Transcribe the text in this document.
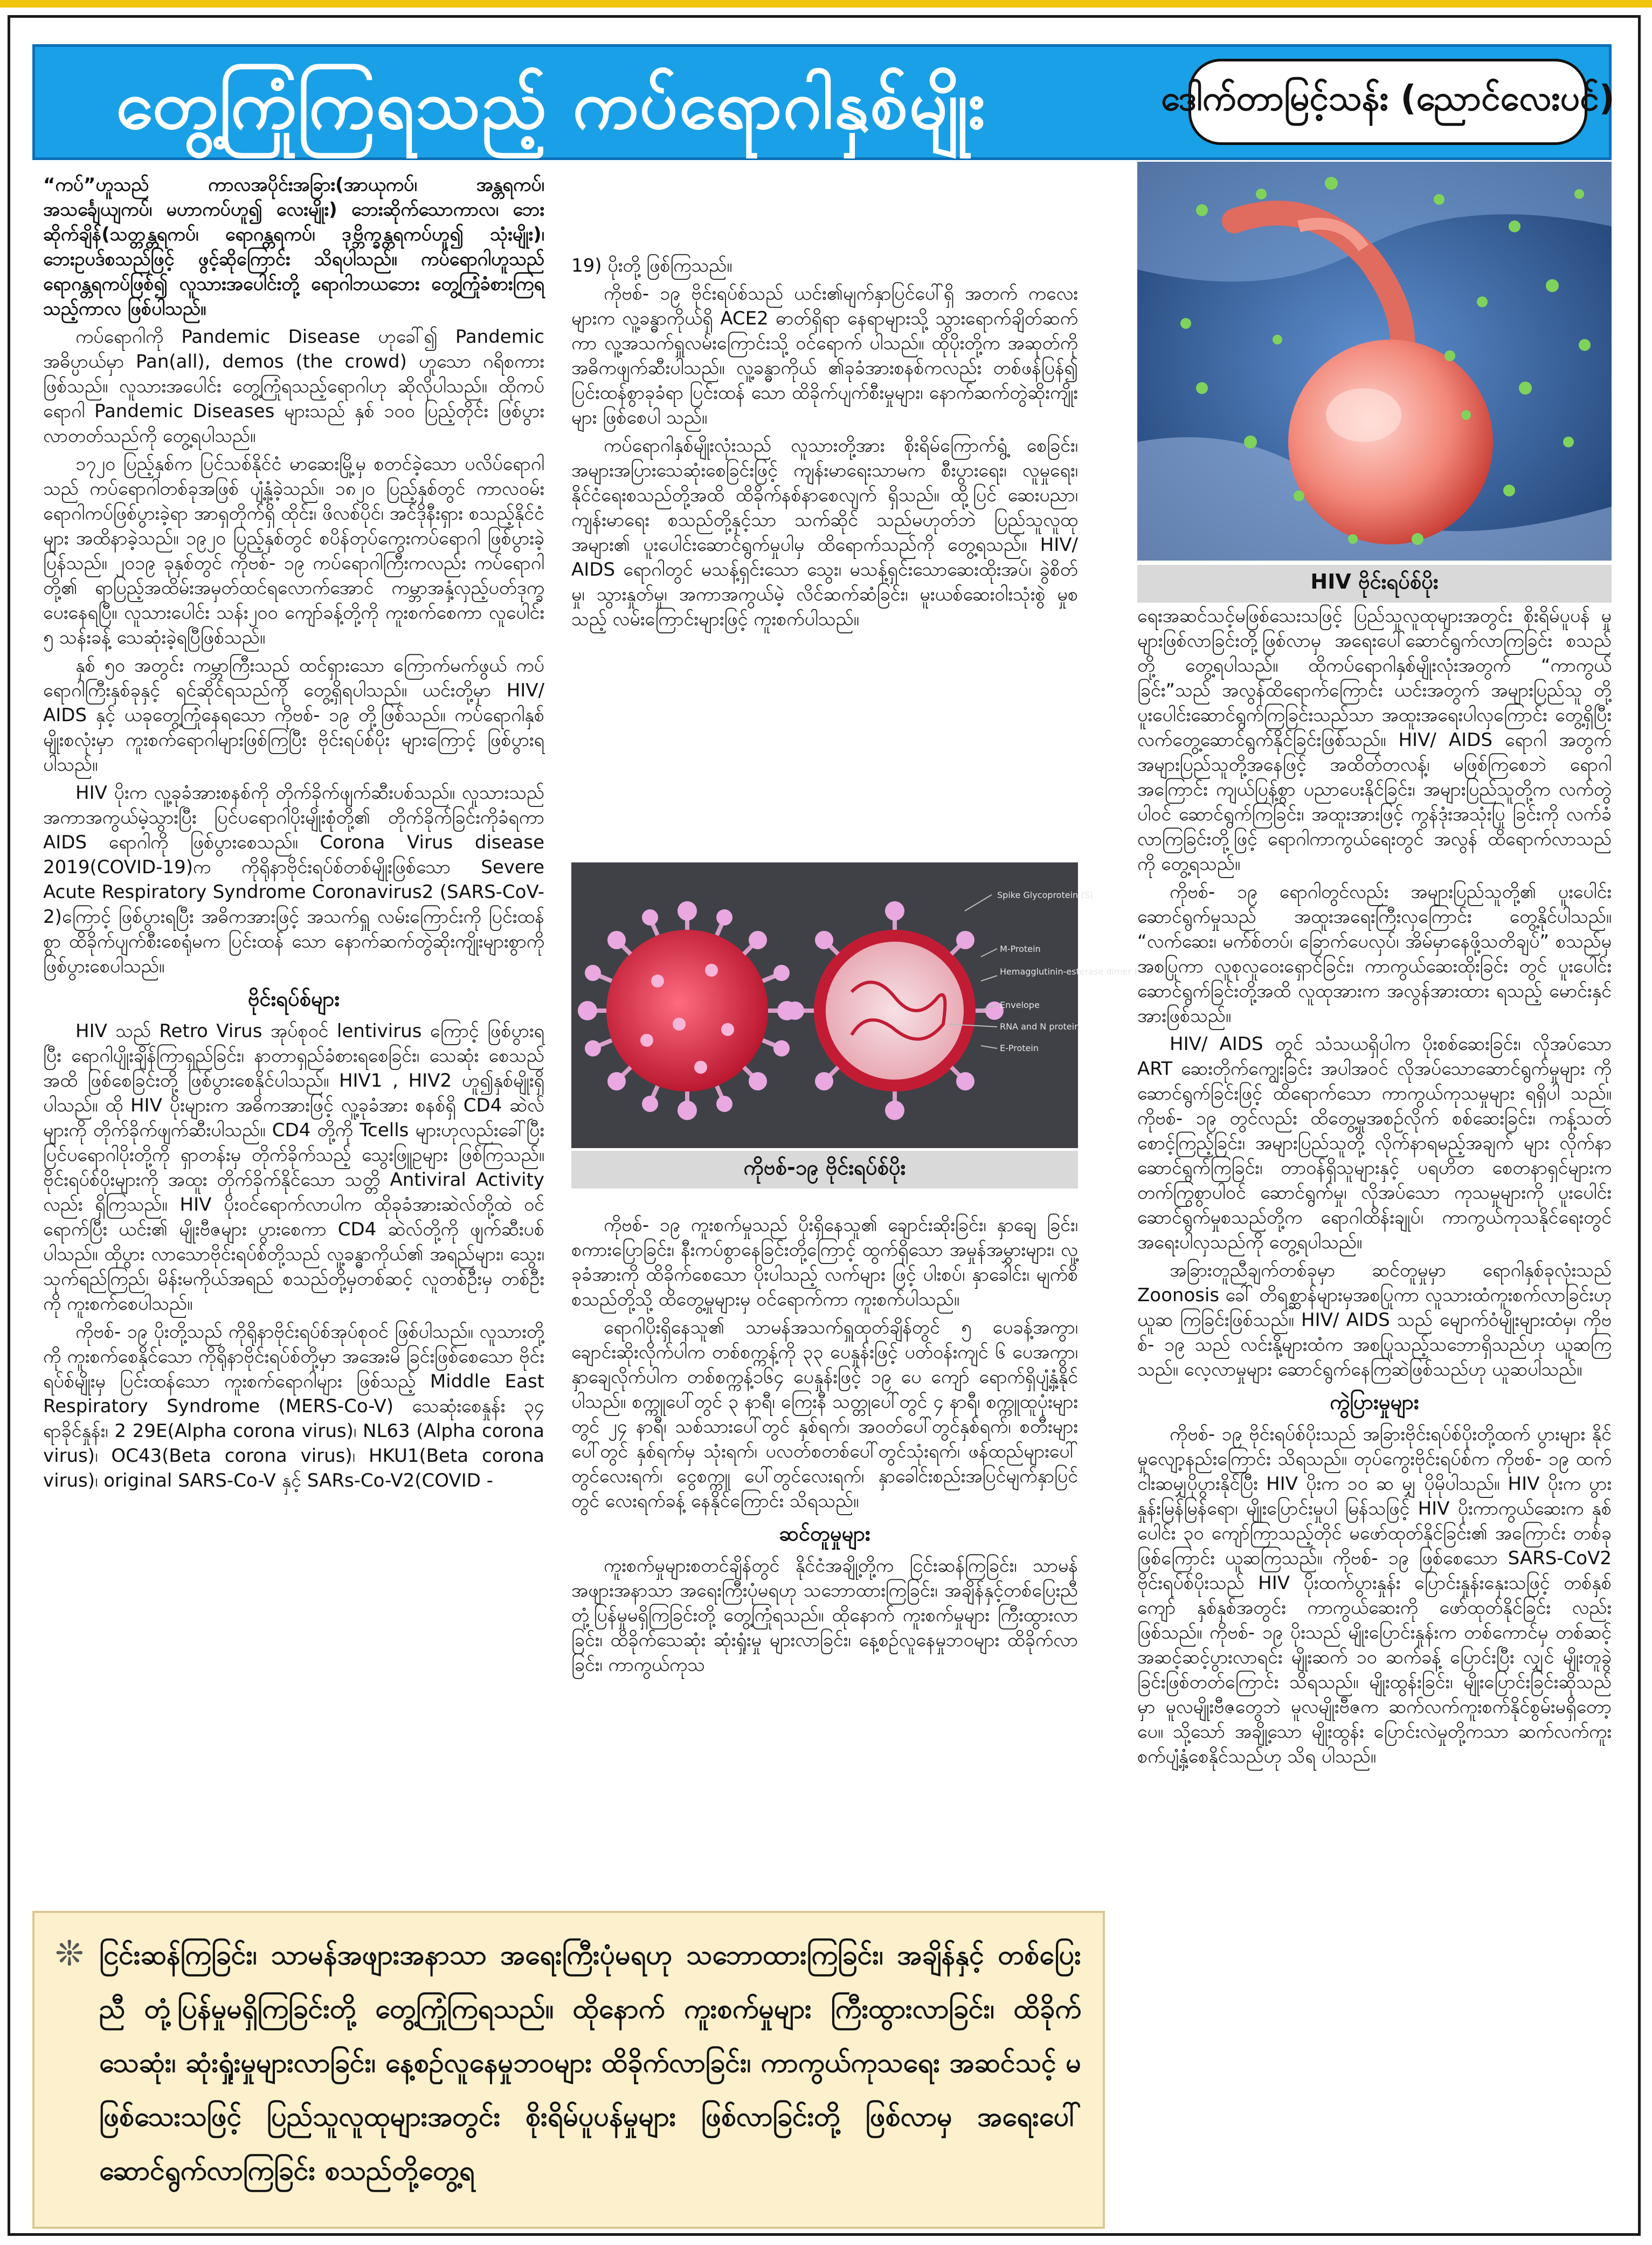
တွေ့ကြုံကြရသည့် ကပ်ရောဂါနှစ်မျိုး	ဒေါက်တာမြင့်သန်း (ညောင်လေးပင်)

“ကပ်”ဟူသည် ကာလအပိုင်းအခြား(အာယုကပ်၊ အန္တရကပ်၊ အသင်္ချေယျကပ်၊ မဟာကပ်ဟူ၍ လေးမျိုး) ဘေးဆိုက်သောကာလ၊ ဘေးဆိုက်ချိန်(သတ္တန္တရကပ်၊ ရောဂန္တရကပ်၊ ဒုဗ္ဘိက္ခန္တရကပ်ဟူ၍ သုံးမျိုး)၊ ဘေးဥပဒ်စသည်ဖြင့် ဖွင့်ဆိုကြောင်း သိရပါသည်။ ကပ်ရောဂါဟူသည် ရောဂန္တရကပ်ဖြစ်၍ လူသားအပေါင်းတို့ ရောဂါဘယဘေး တွေ့ကြုံခံစားကြရသည့်ကာလ ဖြစ်ပါသည်။

ကပ်ရောဂါကို Pandemic Disease ဟုခေါ်၍ Pandemic အဓိပ္ပာယ်မှာ Pan(all), demos (the crowd) ဟူသော ဂရိစကား ဖြစ်သည်။ လူသားအပေါင်း တွေ့ကြုံရသည့်ရောဂါဟု ဆိုလိုပါသည်။ ထိုကပ် ရောဂါ Pandemic Diseases များသည် နှစ် ၁၀၀ ပြည့်တိုင်း ဖြစ်ပွား လာတတ်သည်ကို တွေ့ရပါသည်။

၁၇၂၀ ပြည့်နှစ်က ပြင်သစ်နိုင်ငံ မာဆေးမြို့မှ စတင်ခဲ့သော ပလိပ်ရောဂါသည် ကပ်ရောဂါတစ်ခုအဖြစ် ပျံ့နှံ့ခဲ့သည်။ ၁၈၂၀ ပြည့်နှစ်တွင် ကာလဝမ်းရောဂါကပ်ဖြစ်ပွားခဲ့ရာ အာရှတိုက်ရှိ ထိုင်း၊ ဖိလစ်ပိုင်၊ အင်ဒိုနီးရှား စသည့်နိုင်ငံများ အထိနာခဲ့သည်။ ၁၉၂၀ ပြည့်နှစ်တွင် စပိန်တုပ်ကွေးကပ်ရောဂါ ဖြစ်ပွားခဲ့ပြန်သည်။ ၂၀၁၉ ခုနှစ်တွင် ကိုဗစ်- ၁၉ ကပ်ရောဂါကြီးကလည်း ကပ်ရောဂါတို့၏ ရာပြည့်အထိမ်းအမှတ်ထင်ရလောက်အောင် ကမ္ဘာအနှံ့လှည့်ပတ်ဒုက္ခ ပေးနေရပြီ။ လူသားပေါင်း သန်း၂၀၀ ကျော်ခန့်တို့ကို ကူးစက်စေကာ လူပေါင်း ၅ သန်းခန့် သေဆုံးခဲ့ရပြီဖြစ်သည်။

နှစ် ၅၀ အတွင်း ကမ္ဘာကြီးသည် ထင်ရှားသော ကြောက်မက်ဖွယ် ကပ်ရောဂါကြီးနှစ်ခုနှင့် ရင်ဆိုင်ရသည်ကို တွေ့ရှိရပါသည်။ ယင်းတို့မှာ HIV/ AIDS နှင့် ယခုတွေ့ကြုံနေရသော ကိုဗစ်- ၁၉ တို့ဖြစ်သည်။ ကပ်ရောဂါနှစ်မျိုးစလုံးမှာ ကူးစက်ရောဂါများဖြစ်ကြပြီး ဗိုင်းရပ်စ်ပိုး များကြောင့် ဖြစ်ပွားရပါသည်။

HIV ပိုးက လူ့ခုခံအားစနစ်ကို တိုက်ခိုက်ဖျက်ဆီးပစ်သည်။ လူသားသည် အကာအကွယ်မဲ့သွားပြီး ပြင်ပရောဂါပိုးမျိုးစုံတို့၏ တိုက်ခိုက်ခြင်းကိုခံရကာ AIDS ရောဂါကို ဖြစ်ပွားစေသည်။ Corona Virus disease 2019(COVID-19)က ကိုရိုနာဗိုင်းရပ်စ်တစ်မျိုးဖြစ်သော Severe Acute Respiratory Syndrome Coronavirus2 (SARS-CoV-2)ကြောင့် ဖြစ်ပွားရပြီး အဓိကအားဖြင့် အသက်ရှူ လမ်းကြောင်းကို ပြင်းထန်စွာ ထိခိုက်ပျက်စီးစေရုံမက ပြင်းထန် သော နောက်ဆက်တွဲဆိုးကျိုးများစွာကို ဖြစ်ပွားစေပါသည်။

ဗိုင်းရပ်စ်များ

HIV သည် Retro Virus အုပ်စုဝင် lentivirus ကြောင့် ဖြစ်ပွားရပြီး ရောဂါပျိုးချိန်ကြာရှည်ခြင်း၊ နာတာရှည်ခံစားရစေခြင်း၊ သေဆုံး စေသည်အထိ ဖြစ်စေခြင်းတို့ ဖြစ်ပွားစေနိုင်ပါသည်။ HIV1 , HIV2 ဟူ၍နှစ်မျိုးရှိပါသည်။ ထို HIV ပိုးများက အဓိကအားဖြင့် လူ့ခုခံအား စနစ်ရှိ CD4 ဆဲလ်များကို တိုက်ခိုက်ဖျက်ဆီးပါသည်။ CD4 တို့ကို Tcells များဟုလည်းခေါ်ပြီး ပြင်ပရောဂါပိုးတို့ကို ရှာတန်းမှ တိုက်ခိုက်သည့် သွေးဖြူဥများ ဖြစ်ကြသည်။ ဗိုင်းရပ်စ်ပိုးများကို အထူး တိုက်ခိုက်နိုင်သော သတ္တိ Antiviral Activity လည်း ရှိကြသည်။ HIV ပိုးဝင်ရောက်လာပါက ထိုခုခံအားဆဲလ်တို့ထဲ ဝင်ရောက်ပြီး ယင်း၏ မျိုးဗီဇများ ပွားစေကာ CD4 ဆဲလ်တို့ကို ဖျက်ဆီးပစ်ပါသည်။ ထိုပွား လာသောဗိုင်းရပ်စ်တို့သည် လူ့ခန္ဓာကိုယ်၏ အရည်များ၊ သွေး၊ သုက်ရည်ကြည်၊ မိန်းမကိုယ်အရည် စသည်တို့မှတစ်ဆင့် လူတစ်ဦးမှ တစ်ဦးကို ကူးစက်စေပါသည်။

ကိုဗစ်- ၁၉ ပိုးတို့သည် ကိုရိုနာဗိုင်းရပ်စ်အုပ်စုဝင် ဖြစ်ပါသည်။ လူသားတို့ကို ကူးစက်စေနိုင်သော ကိုရိုနာဗိုင်းရပ်စ်တို့မှာ အအေးမိ ခြင်းဖြစ်စေသော ဗိုင်းရပ်စ်မျိုးမှ ပြင်းထန်သော ကူးစက်ရောဂါများ ဖြစ်သည့် Middle East Respiratory Syndrome (MERS-Co-V) သေဆုံးစေနှုန်း ၃၄ ရာခိုင်နှုန်း၊ 2 29E(Alpha corona virus)၊ NL63 (Alpha corona virus)၊ OC43(Beta corona virus)၊ HKU1(Beta corona virus)၊ original SARS-Co-V နှင့် SARs-Co-V2(COVID -

HIV ဗိုင်းရပ်စ်ပိုး

19) ပိုးတို့ ဖြစ်ကြသည်။

ကိုဗစ်- ၁၉ ဗိုင်းရပ်စ်သည် ယင်း၏မျက်နှာပြင်ပေါ်ရှိ အတက် ကလေးများက လူ့ခန္ဓာကိုယ်ရှိ ACE2 ဓာတ်ရှိရာ နေရာများသို့ သွားရောက်ချိတ်ဆက်ကာ လူ့အသက်ရှူလမ်းကြောင်းသို့ ဝင်ရောက် ပါသည်။ ထိုပိုးတို့က အဆုတ်ကို အဓိကဖျက်ဆီးပါသည်။ လူ့ခန္ဓာကိုယ် ၏ခုခံအားစနစ်ကလည်း တစ်ဖန်ပြန်၍ ပြင်းထန်စွာခုခံရာ ပြင်းထန် သော ထိခိုက်ပျက်စီးမှုများ၊ နောက်ဆက်တွဲဆိုးကျိုးများ ဖြစ်စေပါ သည်။

ကပ်ရောဂါနှစ်မျိုးလုံးသည် လူသားတို့အား စိုးရိမ်ကြောက်ရွံ့ စေခြင်း၊ အများအပြားသေဆုံးစေခြင်းဖြင့် ကျန်းမာရေးသာမက စီးပွားရေး၊ လူမှုရေး၊ နိုင်ငံရေးစသည်တို့အထိ ထိခိုက်နစ်နာစေလျက် ရှိသည်။ ထို့ပြင် ဆေးပညာ၊ ကျန်းမာရေး စသည်တို့နှင့်သာ သက်ဆိုင် သည်မဟုတ်ဘဲ ပြည်သူလူထုအများ၏ ပူးပေါင်းဆောင်ရွက်မှုပါမှ ထိရောက်သည်ကို တွေ့ရသည်။ HIV/ AIDS ရောဂါတွင် မသန့်ရှင်းသော သွေး၊ မသန့်ရှင်းသောဆေးထိုးအပ်၊ ခွဲစိတ်မှု၊ သွားနှုတ်မှု၊ အကာအကွယ်မဲ့ လိင်ဆက်ဆံခြင်း၊ မူးယစ်ဆေးဝါးသုံးစွဲ မှုစသည့် လမ်းကြောင်းများဖြင့် ကူးစက်ပါသည်။

Spike Glycoprotein (S)
M-Protein
Hemagglutinin-esterase dimer (HE)
Envelope
RNA and N protein
E-Protein
ကိုဗစ်-၁၉ ဗိုင်းရပ်စ်ပိုး

ကိုဗစ်- ၁၉ ကူးစက်မှုသည် ပိုးရှိနေသူ၏ ချောင်းဆိုးခြင်း၊ နှာချေ ခြင်း၊ စကားပြောခြင်း၊ နီးကပ်စွာနေခြင်းတို့ကြောင့် ထွက်ရှိသော အမှုန်အမွှားများ၊ လူ့ခုခံအားကို ထိခိုက်စေသော ပိုးပါသည့် လက်များ ဖြင့် ပါးစပ်၊ နှာခေါင်း၊ မျက်စိ စသည်တို့သို့ ထိတွေ့မှုများမှ ဝင်ရောက်ကာ ကူးစက်ပါသည်။

ရောဂါပိုးရှိနေသူ၏ သာမန်အသက်ရှူထုတ်ချိန်တွင် ၅ ပေခန့်အကွာ၊ ချောင်းဆိုးလိုက်ပါက တစ်စက္ကန့်ကို ၃၃ ပေနှုန်းဖြင့် ပတ်ဝန်းကျင် ၆ ပေအကွာ၊ နှာချေလိုက်ပါက တစ်စက္ကန့်၁၆၄ ပေနှုန်းဖြင့် ၁၉ ပေ ကျော် ရောက်ရှိပျံ့နှံ့နိုင်ပါသည်။ စက္ကူပေါ်တွင် ၃ နာရီ၊ ကြေးနီ သတ္တုပေါ်တွင် ၄ နာရီ၊ စက္ကူထူပုံးများတွင် ၂၄ နာရီ၊ သစ်သားပေါ်တွင် နှစ်ရက်၊ အဝတ်ပေါ်တွင်နှစ်ရက်၊ စတီးများပေါ်တွင် နှစ်ရက်မှ သုံးရက်၊ ပလတ်စတစ်ပေါ်တွင်သုံးရက်၊ ဖန်ထည်များပေါ်တွင်လေးရက်၊ ငွေစက္ကူ ပေါ်တွင်လေးရက်၊ နှာခေါင်းစည်းအပြင်မျက်နှာပြင်တွင် လေးရက်ခန့် နေနိုင်ကြောင်း သိရသည်။

ဆင်တူမှုများ

ကူးစက်မှုများစတင်ချိန်တွင် နိုင်ငံအချို့တို့က ငြင်းဆန်ကြခြင်း၊ သာမန်အဖျားအနာသာ အရေးကြီးပုံမရဟု သဘောထားကြခြင်း၊ အချိန်နှင့်တစ်ပြေးညီ တုံ့ပြန်မှုမရှိကြခြင်းတို့ တွေ့ကြုံရသည်။ ထိုနောက် ကူးစက်မှုများ ကြီးထွားလာခြင်း၊ ထိခိုက်သေဆုံး ဆုံးရှုံးမှု များလာခြင်း၊ နေ့စဉ်လူနေမှုဘဝများ ထိခိုက်လာခြင်း၊ ကာကွယ်ကုသ

ရေးအဆင်သင့်မဖြစ်သေးသဖြင့် ပြည်သူလူထုများအတွင်း စိုးရိမ်ပူပန် မှုများဖြစ်လာခြင်းတို့ဖြစ်လာမှ အရေးပေါ်ဆောင်ရွက်လာကြခြင်း စသည်တို့ တွေ့ရပါသည်။ ထိုကပ်ရောဂါနှစ်မျိုးလုံးအတွက် “ကာကွယ် ခြင်း”သည် အလွန်ထိရောက်ကြောင်း ယင်းအတွက် အများပြည်သူ တို့ပူးပေါင်းဆောင်ရွက်ကြခြင်းသည်သာ အထူးအရေးပါလှကြောင်း တွေ့ရှိပြီး လက်တွေ့ဆောင်ရွက်နိုင်ခြင်းဖြစ်သည်။ HIV/ AIDS ရောဂါ အတွက် အများပြည်သူတို့အနေဖြင့် အထိတ်တလန့်၊ မဖြစ်ကြစေဘဲ ရောဂါအကြောင်း ကျယ်ပြန့်စွာ ပညာပေးနိုင်ခြင်း၊ အများပြည်သူတို့က လက်တွဲပါဝင် ဆောင်ရွက်ကြခြင်း၊ အထူးအားဖြင့် ကွန်ဒုံးအသုံးပြု ခြင်းကို လက်ခံလာကြခြင်းတို့ဖြင့် ရောဂါကာကွယ်ရေးတွင် အလွန် ထိရောက်လာသည်ကို တွေ့ရသည်။

ကိုဗစ်- ၁၉ ရောဂါတွင်လည်း အများပြည်သူတို့၏ ပူးပေါင်း ဆောင်ရွက်မှုသည် အထူးအရေးကြီးလှကြောင်း တွေ့နိုင်ပါသည်။ “လက်ဆေး၊ မက်စ်တပ်၊ ခြောက်ပေလှပ်၊ အိမ်မှာနေဖို့သတိချပ်” စသည်မှ အစပြုကာ လူစုလူဝေးရှောင်ခြင်း၊ ကာကွယ်ဆေးထိုးခြင်း တွင် ပူးပေါင်းဆောင်ရွက်ခြင်းတို့အထိ လူထုအားက အလွန်အားထား ရသည့် မောင်းနှင်အားဖြစ်သည်။

HIV/ AIDS တွင် သံသယရှိပါက ပိုးစစ်ဆေးခြင်း၊ လိုအပ်သော ART ဆေးတိုက်ကျွေးခြင်း အပါအဝင် လိုအပ်သောဆောင်ရွက်မှုများ ကို ဆောင်ရွက်ခြင်းဖြင့် ထိရောက်သော ကာကွယ်ကုသမှုများ ရရှိပါ သည်။ ကိုဗစ်- ၁၉ တွင်လည်း ထိတွေ့မှုအစဉ်လိုက် စစ်ဆေးခြင်း၊ ကန့်သတ်စောင့်ကြည့်ခြင်း၊ အများပြည်သူတို့ လိုက်နာရမည့်အချက် များ လိုက်နာဆောင်ရွက်ကြခြင်း၊ တာဝန်ရှိသူများနှင့် ပရဟိတ စေတနာရှင်များက တက်ကြွစွာပါဝင် ဆောင်ရွက်မှု၊ လိုအပ်သော ကုသမှုများကို ပူးပေါင်းဆောင်ရွက်မှုစသည်တို့က ရောဂါထိန်းချုပ်၊ ကာကွယ်ကုသနိုင်ရေးတွင် အရေးပါလှသည်ကို တွေ့ရပါသည်။

အခြားတူညီချက်တစ်ခုမှာ ဆင်တူမှုမှာ ရောဂါနှစ်ခုလုံးသည် Zoonosis ခေါ် တိရစ္ဆာန်များမှအစပြုကာ လူသားထံကူးစက်လာခြင်းဟု ယူဆ ကြခြင်းဖြစ်သည်။ HIV/ AIDS သည် မျောက်ဝံမျိုးများထံမှ၊ ကိုဗစ်- ၁၉ သည် လင်းနို့များထံက အစပြုသည့်သဘောရှိသည်ဟု ယူဆကြသည်။ လေ့လာမှုများ ဆောင်ရွက်နေကြဆဲဖြစ်သည်ဟု ယူဆပါသည်။

ကွဲပြားမှုများ

ကိုဗစ်- ၁၉ ဗိုင်းရပ်စ်ပိုးသည် အခြားဗိုင်းရပ်စ်ပိုးတို့ထက် ပွားများ နိုင်မှုလျော့နည်းကြောင်း သိရသည်။ တုပ်ကွေးဗိုင်းရပ်စ်က ကိုဗစ်- ၁၉ ထက် ငါးဆမျှပိုပွားနိုင်ပြီး HIV ပိုးက ၁၀ ဆ မျှ ပိုမိုပါသည်။ HIV ပိုးက ပွားနှုန်းမြန်မြန်ရော၊ မျိုးပြောင်းမှုပါ မြန်သဖြင့် HIV ပိုးကာကွယ်ဆေးက နှစ်ပေါင်း ၃၀ ကျော်ကြာသည့်တိုင် မဖော်ထုတ်နိုင်ခြင်း၏ အကြောင်း တစ်ခုဖြစ်ကြောင်း ယူဆကြသည်။ ကိုဗစ်- ၁၉ ဖြစ်စေသော SARS-CoV2 ဗိုင်းရပ်စ်ပိုးသည် HIV ပိုးထက်ပွားနှုန်း ပြောင်းနှုန်းနှေးသဖြင့် တစ်နှစ်ကျော် နှစ်နှစ်အတွင်း ကာကွယ်ဆေးကို ဖော်ထုတ်နိုင်ခြင်း လည်းဖြစ်သည်။ ကိုဗစ်- ၁၉ ပိုးသည် မျိုးပြောင်းနှုန်းက တစ်ကောင်မှ တစ်ဆင့် အဆင့်ဆင့်ပွားလာရင်း မျိုးဆက် ၁၀ ဆက်ခန့် ပြောင်းပြီး လျှင် မျိုးတူခွဲခြင်းဖြစ်တတ်ကြောင်း သိရသည်။ မျိုးထွန်းခြင်း၊ မျိုးပြောင်းခြင်းဆိုသည်မှာ မူလမျိုးဗီဇတွေဘဲ မူလမျိုးဗီဇက ဆက်လက်ကူးစက်နိုင်စွမ်းမရှိတော့ပေ။ သို့သော် အချို့သော မျိုးထွန်း ပြောင်းလဲမှုတို့ကသာ ဆက်လက်ကူးစက်ပျံ့နှံ့စေနိုင်သည်ဟု သိရ ပါသည်။

❊ ငြင်းဆန်ကြခြင်း၊ သာမန်အဖျားအနာသာ အရေးကြီးပုံမရဟု သဘောထားကြခြင်း၊ အချိန်နှင့် တစ်ပြေးညီ တုံ့ပြန်မှုမရှိကြခြင်းတို့ တွေ့ကြုံကြရသည်။ ထိုနောက် ကူးစက်မှုများ ကြီးထွားလာခြင်း၊ ထိခိုက်သေဆုံး၊ ဆုံးရှုံးမှုများလာခြင်း၊ နေ့စဉ်လူနေမှုဘဝများ ထိခိုက်လာခြင်း၊ ကာကွယ်ကုသရေး အဆင်သင့် မဖြစ်သေးသဖြင့် ပြည်သူလူထုများအတွင်း စိုးရိမ်ပူပန်မှုများ ဖြစ်လာခြင်းတို့ ဖြစ်လာမှ အရေးပေါ်ဆောင်ရွက်လာကြခြင်း စသည်တို့တွေ့ရ
